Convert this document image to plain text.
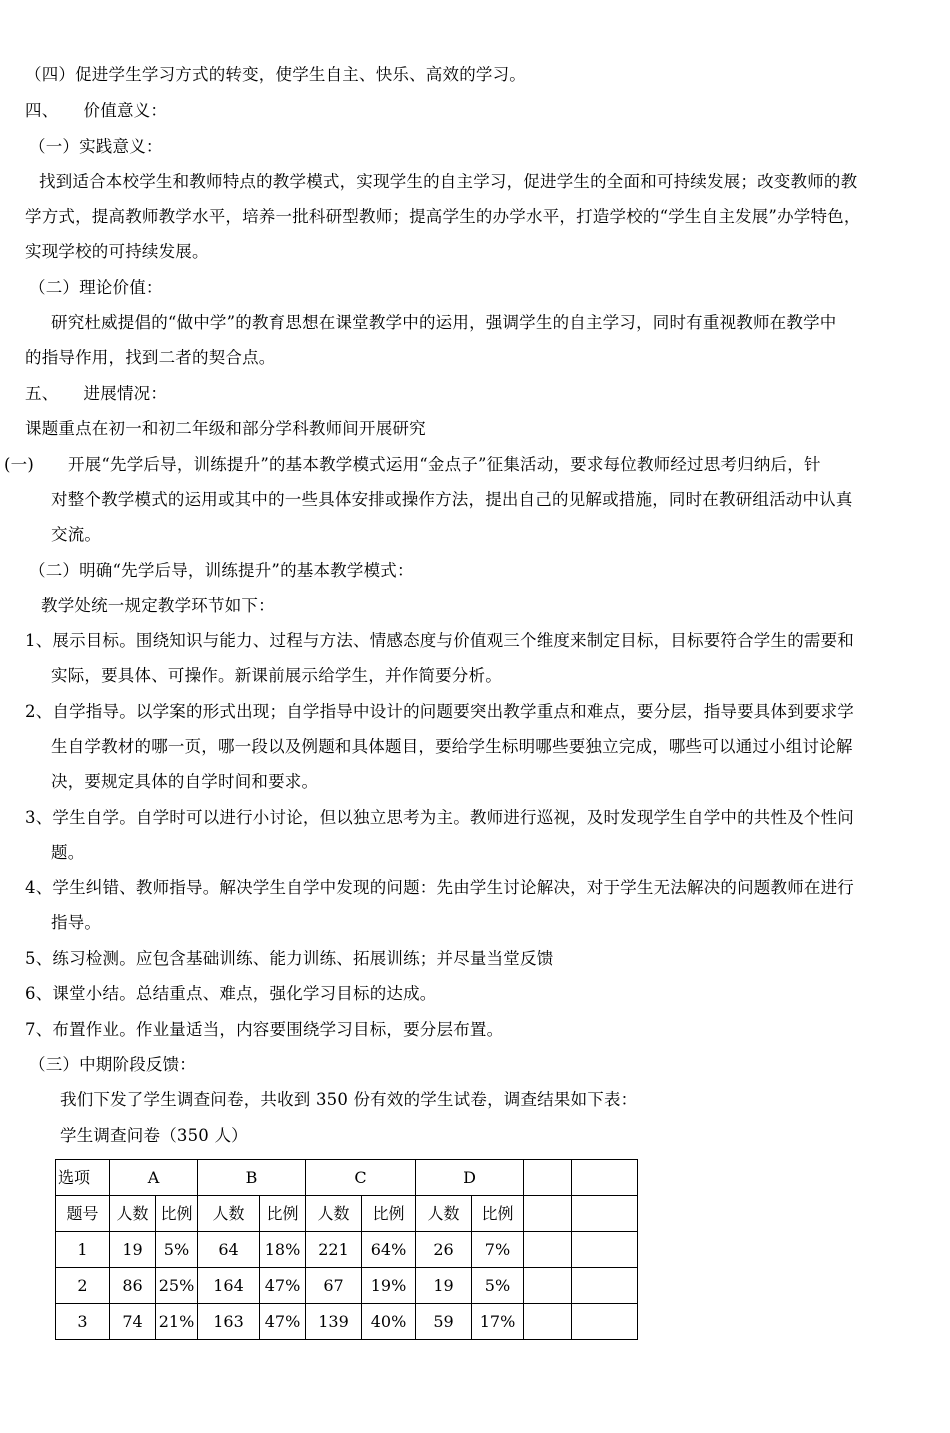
（四）促进学生学习方式的转变，使学生自主、快乐、高效的学习。
四、　　价值意义：
（一）实践意义：
找到适合本校学生和教师特点的教学模式，实现学生的自主学习，促进学生的全面和可持续发展；改变教师的教
学方式，提高教师教学水平，培养一批科研型教师；提高学生的办学水平，打造学校的“学生自主发展”办学特色，
实现学校的可持续发展。
（二）理论价值：
研究杜威提倡的“做中学”的教育思想在课堂教学中的运用，强调学生的自主学习，同时有重视教师在教学中
的指导作用，找到二者的契合点。
五、　　进展情况：
课题重点在初一和初二年级和部分学科教师间开展研究
(一) 开展“先学后导，训练提升”的基本教学模式运用“金点子”征集活动，要求每位教师经过思考归纳后，针
对整个教学模式的运用或其中的一些具体安排或操作方法，提出自己的见解或措施，同时在教研组活动中认真
交流。
（二）明确“先学后导，训练提升”的基本教学模式：
教学处统一规定教学环节如下：
1、展示目标。围绕知识与能力、过程与方法、情感态度与价值观三个维度来制定目标，目标要符合学生的需要和
实际，要具体、可操作。新课前展示给学生，并作简要分析。
2、自学指导。以学案的形式出现；自学指导中设计的问题要突出教学重点和难点，要分层，指导要具体到要求学
生自学教材的哪一页，哪一段以及例题和具体题目，要给学生标明哪些要独立完成，哪些可以通过小组讨论解
决，要规定具体的自学时间和要求。
3、学生自学。自学时可以进行小讨论，但以独立思考为主。教师进行巡视，及时发现学生自学中的共性及个性问
题。
4、学生纠错、教师指导。解决学生自学中发现的问题：先由学生讨论解决，对于学生无法解决的问题教师在进行
指导。
5、练习检测。应包含基础训练、能力训练、拓展训练；并尽量当堂反馈
6、课堂小结。总结重点、难点，强化学习目标的达成。
7、布置作业。作业量适当，内容要围绕学习目标，要分层布置。
（三）中期阶段反馈：
我们下发了学生调查问卷，共收到 350 份有效的学生试卷，调查结果如下表：
学生调查问卷（350 人）
选项	A		B		C		D			
题号	人数	比例	人数	比例	人数	比例	人数	比例		
1	19	5%	64	18%	221	64%	26	7%		
2	86	25%	164	47%	67	19%	19	5%		
3	74	21%	163	47%	139	40%	59	17%		
